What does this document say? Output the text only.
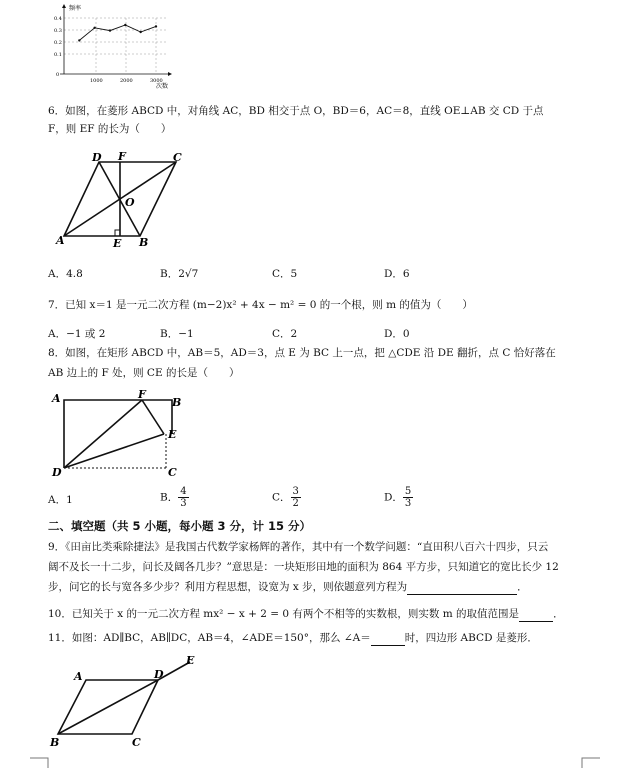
频率
次数
0.4
0.3
0.2
0.1
0
1000	2000	3000
6．如图，在菱形 ABCD 中，对角线 AC，BD 相交于点 O，BD＝6，AC＝8，直线 OE⊥AB 交 CD 于点
F，则 EF 的长为（　　）
D F	C
O
A	E B
A．4.8	B．2√7	C．5	D．6
7．已知 x＝1 是一元二次方程 (m−2)x² + 4x − m² = 0 的一个根，则 m 的值为（　　）
A．−1 或 2	B．−1	C．2	D．0
8．如图，在矩形 ABCD 中，AB＝5，AD＝3，点 E 为 BC 上一点，把 △CDE 沿 DE 翻折，点 C 恰好落在
AB 边上的 F 处，则 CE 的长是（　　）
A	F
B
E
D	C
A．1	B． $\frac{4}{3}$	C． $\frac{3}{2}$	D． $\frac{5}{3}$
二、填空题（共 5 小题，每小题 3 分，计 15 分）
9．《田亩比类乘除捷法》是我国古代数学家杨辉的著作，其中有一个数学问题：“直田积八百六十四步，只云
阔不及长一十二步，问长及阔各几步？”意思是：一块矩形田地的面积为 864 平方步，只知道它的宽比长少 12
步，问它的长与宽各多少步？利用方程思想，设宽为 x 步，则依题意列方程为	．
10．已知关于 x 的一元二次方程 mx² − x + 2 = 0 有两个不相等的实数根，则实数 m 的取值范围是	．
11．如图：AD∥BC，AB∥DC，AB＝4，∠ADE＝150°，那么 ∠A＝	时，四边形 ABCD 是菱形．
A	D
E
B	C
